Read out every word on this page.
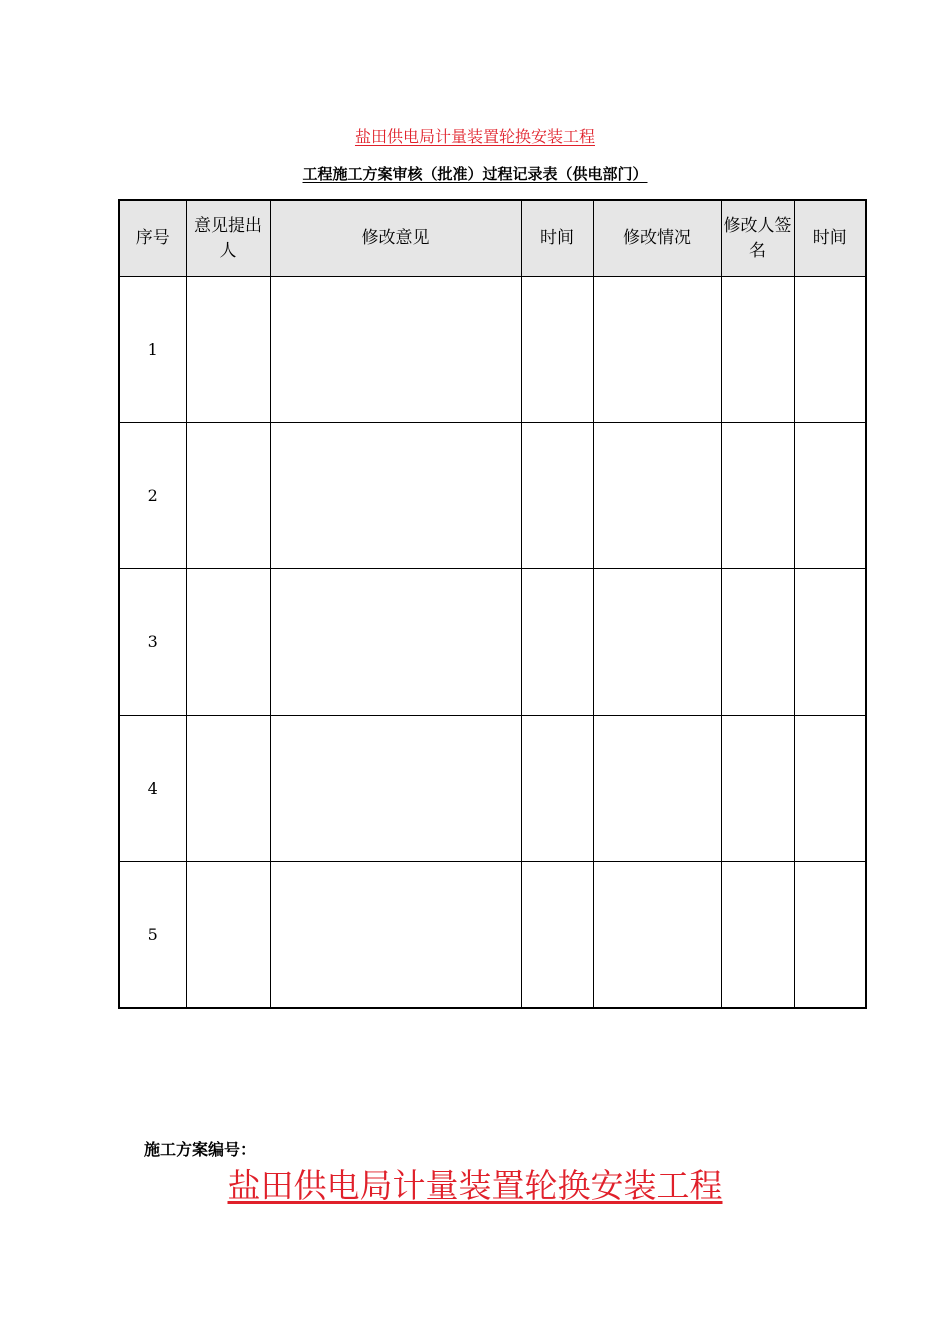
盐田供电局计量装置轮换安装工程
工程施工方案审核（批准）过程记录表（供电部门）
序号	意见提出人	修改意见	时间	修改情况	修改人签名	时间
1						
2						
3						
4						
5						
施工方案编号：
盐田供电局计量装置轮换安装工程
